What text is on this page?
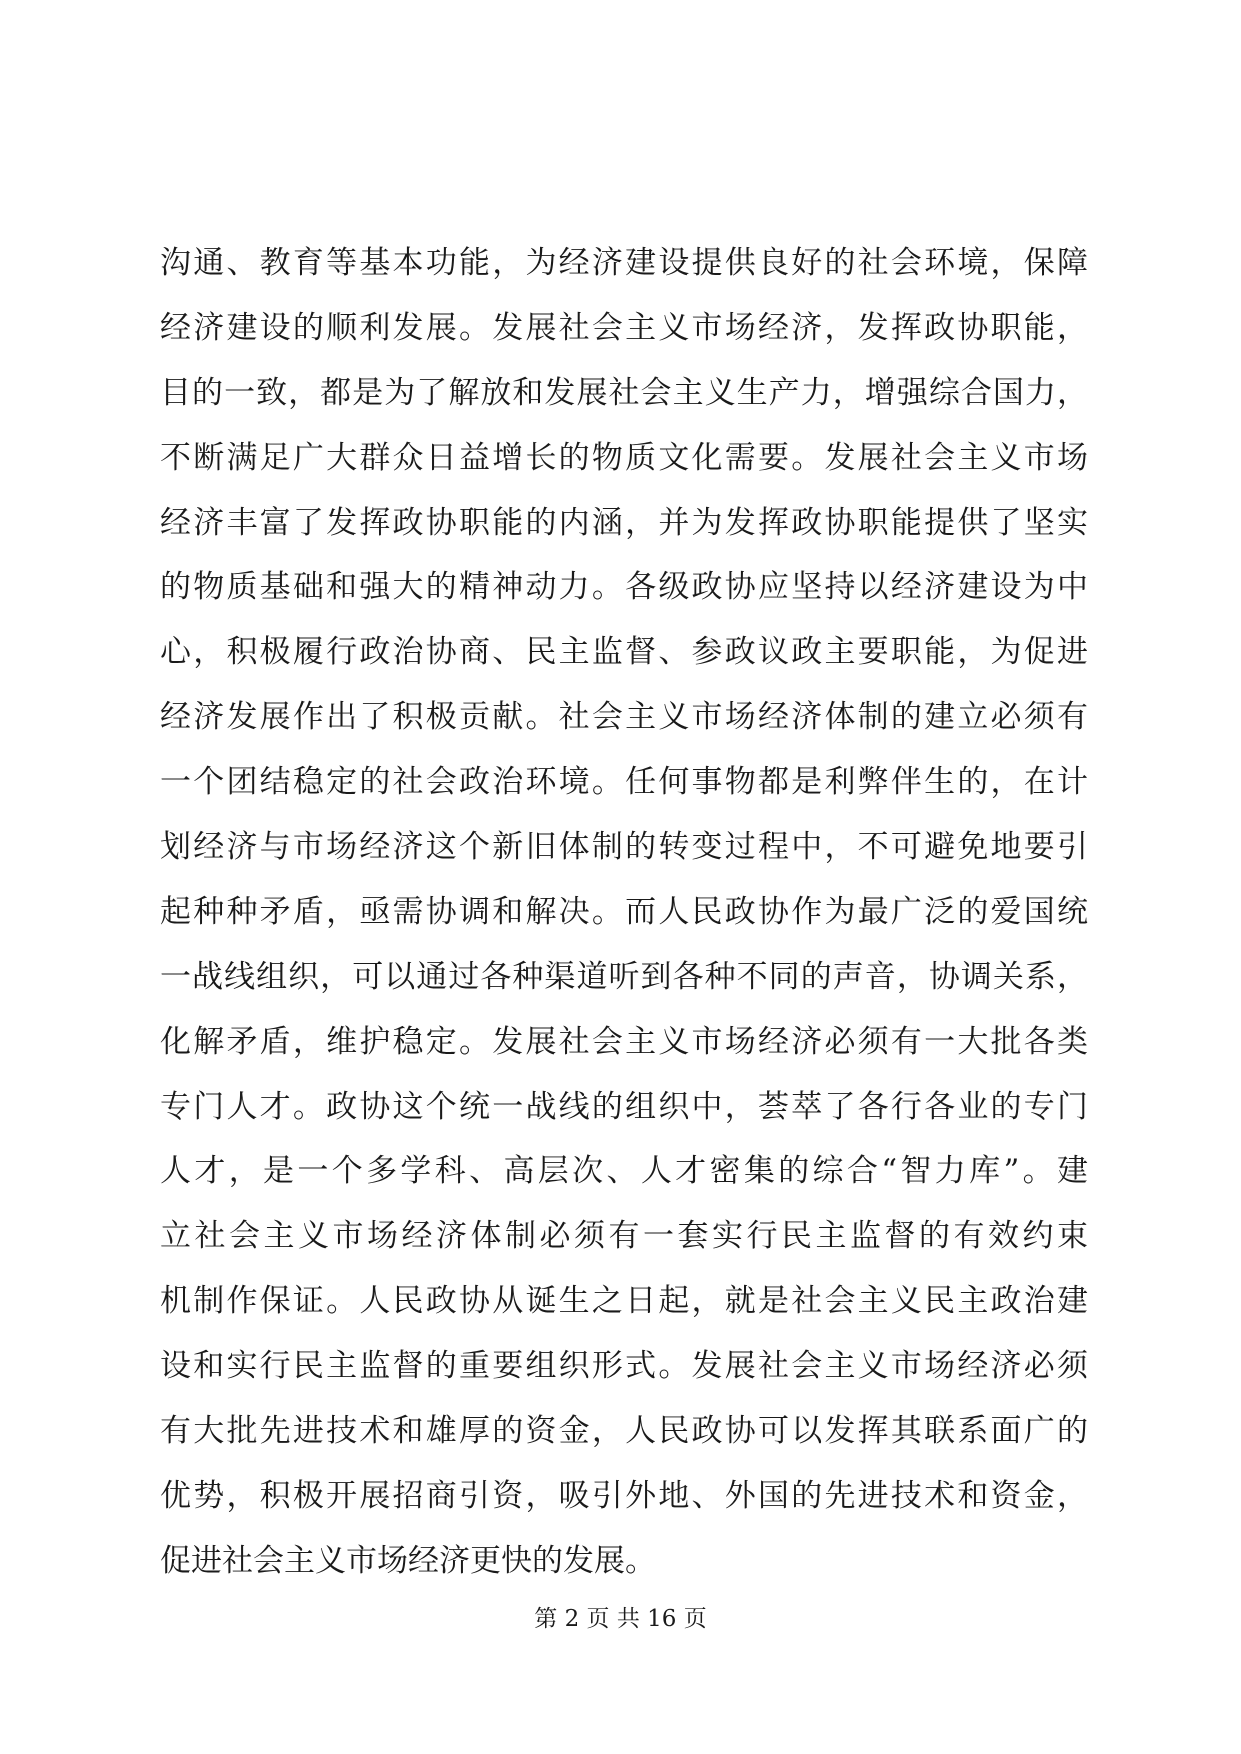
沟通、教育等基本功能，为经济建设提供良好的社会环境，保障
经济建设的顺利发展。发展社会主义市场经济，发挥政协职能，
目的一致，都是为了解放和发展社会主义生产力，增强综合国力，
不断满足广大群众日益增长的物质文化需要。发展社会主义市场
经济丰富了发挥政协职能的内涵，并为发挥政协职能提供了坚实
的物质基础和强大的精神动力。各级政协应坚持以经济建设为中
心，积极履行政治协商、民主监督、参政议政主要职能，为促进
经济发展作出了积极贡献。社会主义市场经济体制的建立必须有
一个团结稳定的社会政治环境。任何事物都是利弊伴生的，在计
划经济与市场经济这个新旧体制的转变过程中，不可避免地要引
起种种矛盾，亟需协调和解决。而人民政协作为最广泛的爱国统
一战线组织，可以通过各种渠道听到各种不同的声音，协调关系，
化解矛盾，维护稳定。发展社会主义市场经济必须有一大批各类
专门人才。政协这个统一战线的组织中，荟萃了各行各业的专门
人才，是一个多学科、高层次、人才密集的综合“智力库”。建
立社会主义市场经济体制必须有一套实行民主监督的有效约束
机制作保证。人民政协从诞生之日起，就是社会主义民主政治建
设和实行民主监督的重要组织形式。发展社会主义市场经济必须
有大批先进技术和雄厚的资金，人民政协可以发挥其联系面广的
优势，积极开展招商引资，吸引外地、外国的先进技术和资金，
促进社会主义市场经济更快的发展。
第 2 页 共 16 页
